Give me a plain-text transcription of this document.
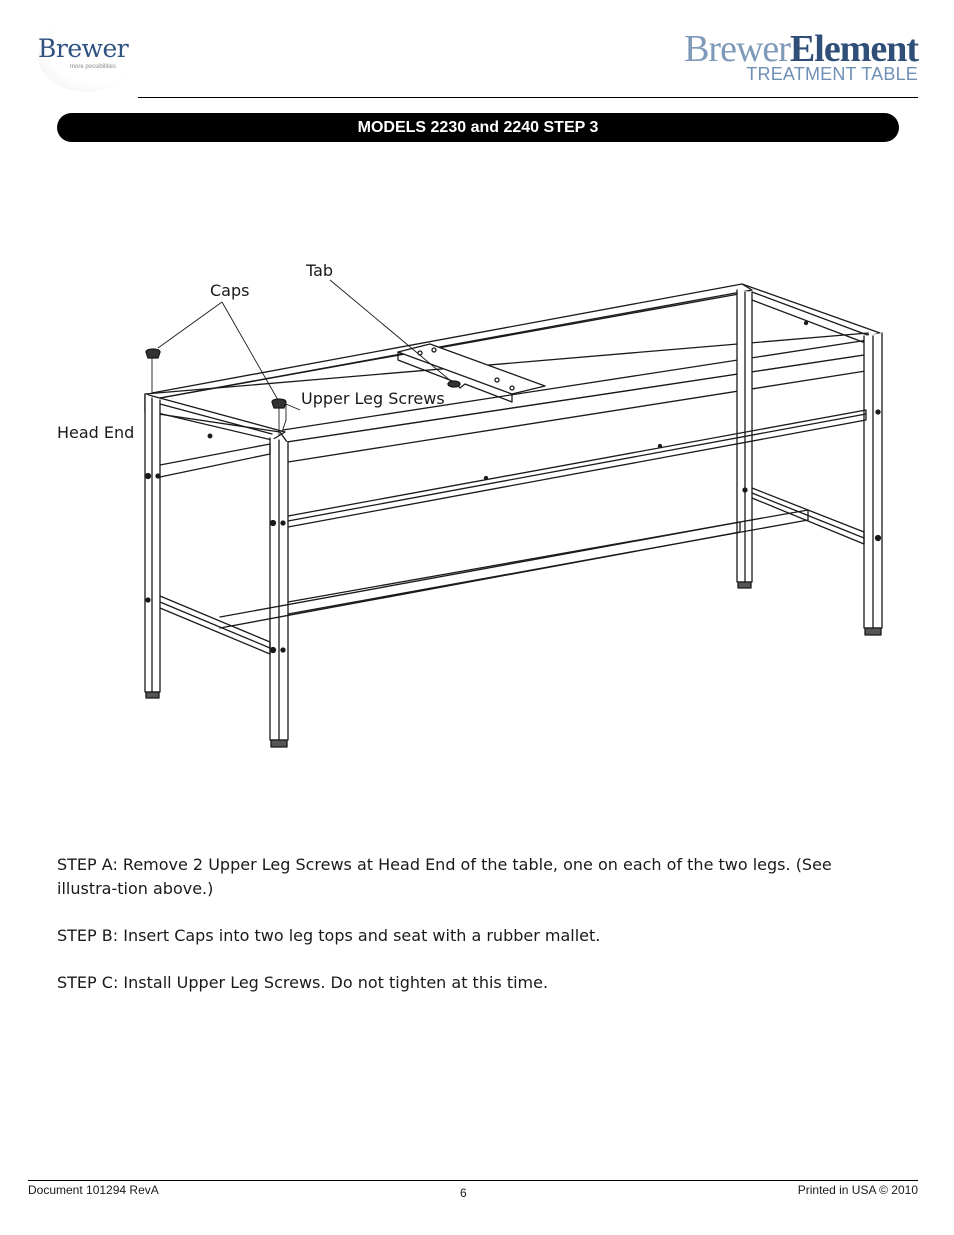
Brewer
more possibilities	BrewerElement
TREATMENT TABLE
MODELS 2230 and 2240 STEP 3
Tab
Caps
Upper Leg Screws
Head End

STEP A: Remove 2 Upper Leg Screws at Head End of the table, one on each of the two legs. (See illustra-tion above.)

STEP B: Insert Caps into two leg tops and seat with a rubber mallet.

STEP C: Install Upper Leg Screws. Do not tighten at this time.

Document 101294 RevA	6	Printed in USA © 2010
